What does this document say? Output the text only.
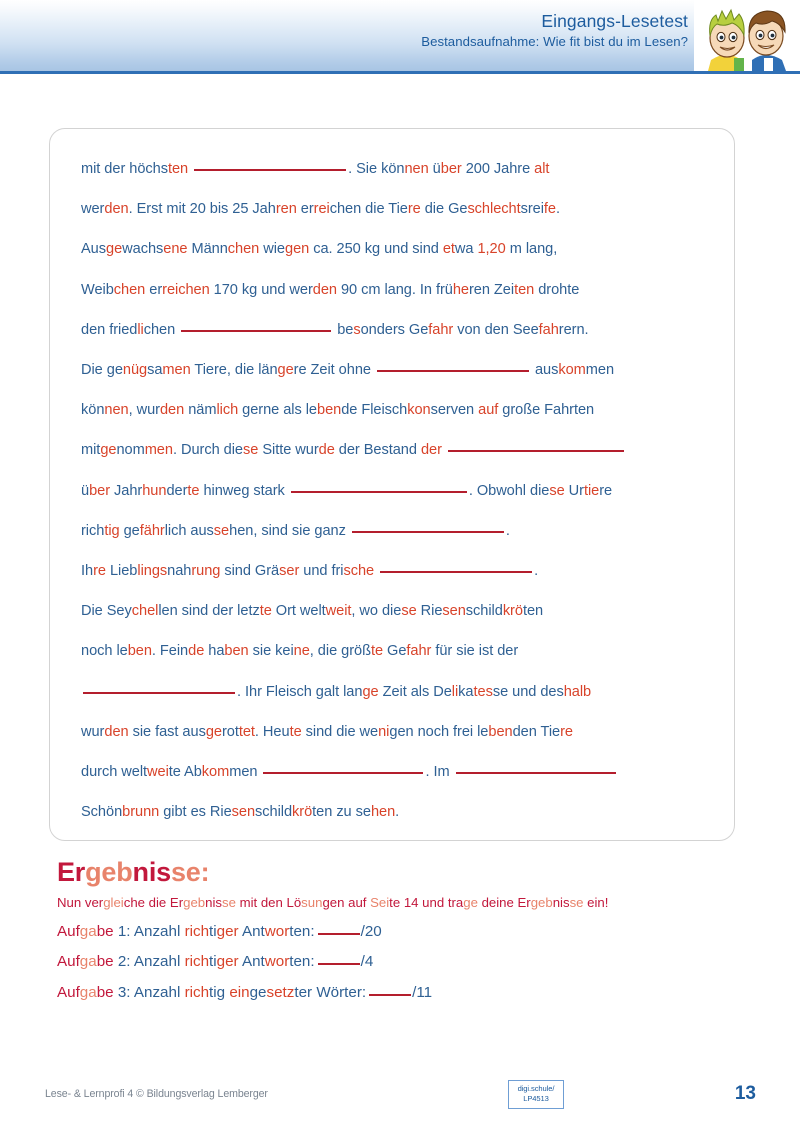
Eingangs-Lesetest
Bestandsaufnahme: Wie fit bist du im Lesen?
mit der höchsten	. Sie können über 200 Jahre alt
werden. Erst mit 20 bis 25 Jahren erreichen die Tiere die Geschlechtsreife.
Ausgewachsene Männchen wiegen ca. 250 kg und sind etwa 1,20 m lang,
Weibchen erreichen 170 kg und werden 90 cm lang. In früheren Zeiten drohte
den friedlichen	besonders Gefahr von den Seefahrern.
Die genügsamen Tiere, die längere Zeit ohne	auskommen
können, wurden nämlich gerne als lebende Fleischkonserven auf große Fahrten
mitgenommen. Durch diese Sitte wurde der Bestand der
über Jahrhunderte hinweg stark	. Obwohl diese Urtiere
richtig gefährlich aussehen, sind sie ganz	.
Ihre Lieblingsnahrung sind Gräser und frische	.
Die Seychellen sind der letzte Ort weltweit, wo diese Riesenschildkröten
noch leben. Feinde haben sie keine, die größte Gefahr für sie ist der
. Ihr Fleisch galt lange Zeit als Delikatesse und deshalb
wurden sie fast ausgerottet. Heute sind die wenigen noch frei lebenden Tiere
durch weltweite Abkommen	. Im
Schönbrunn gibt es Riesenschildkröten zu sehen.
Ergebnisse:
Nun vergleiche die Ergebnisse mit den Lösungen auf Seite 14 und trage deine Ergebnisse ein!
Aufgabe 1: Anzahl richtiger Antworten:	/20
Aufgabe 2: Anzahl richtiger Antworten:	/4
Aufgabe 3: Anzahl richtig eingesetzter Wörter:	/11
Lese- & Lernprofi 4 © Bildungsverlag Lemberger	digi.schule/
LP4513	13
